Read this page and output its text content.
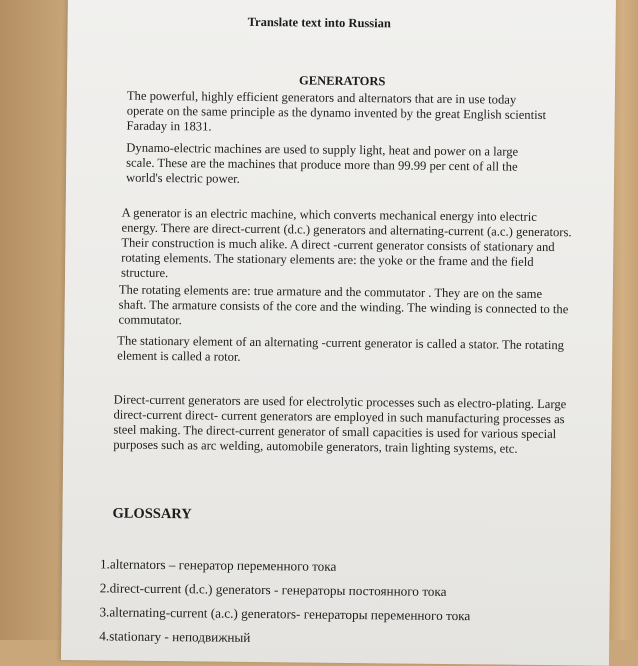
Translate text into Russian
GENERATORS
The powerful, highly efficient generators and alternators that are in use today operate on the same principle as the dynamo invented by the great English scientist Faraday in 1831.
Dynamo-electric machines are used to supply light, heat and power on a large scale. These are the machines that produce more than 99.99 per cent of all the world's electric power.
A generator is an electric machine, which converts mechanical energy into electric energy. There are direct-current (d.c.) generators and alternating-current (a.c.) generators. Their construction is much alike. A direct -current generator consists of stationary and rotating elements. The stationary elements are: the yoke or the frame and the field structure.
The rotating elements are: true armature and the commutator . They are on the same shaft. The armature consists of the core and the winding. The winding is connected to the commutator.
The stationary element of an alternating -current generator is called a stator. The rotating element is called a rotor.
Direct-current generators are used for electrolytic processes such as electro-plating. Large direct-current direct- current generators are employed in such manufacturing processes as steel making. The direct-current generator of small capacities is used for various special purposes such as arc welding, automobile generators, train lighting systems, etc.
GLOSSARY
1.alternators – генератор переменного тока
2.direct-current (d.c.) generators - генераторы постоянного тока
3.alternating-current (a.c.) generators- генераторы переменного тока
4.stationary - неподвижный
